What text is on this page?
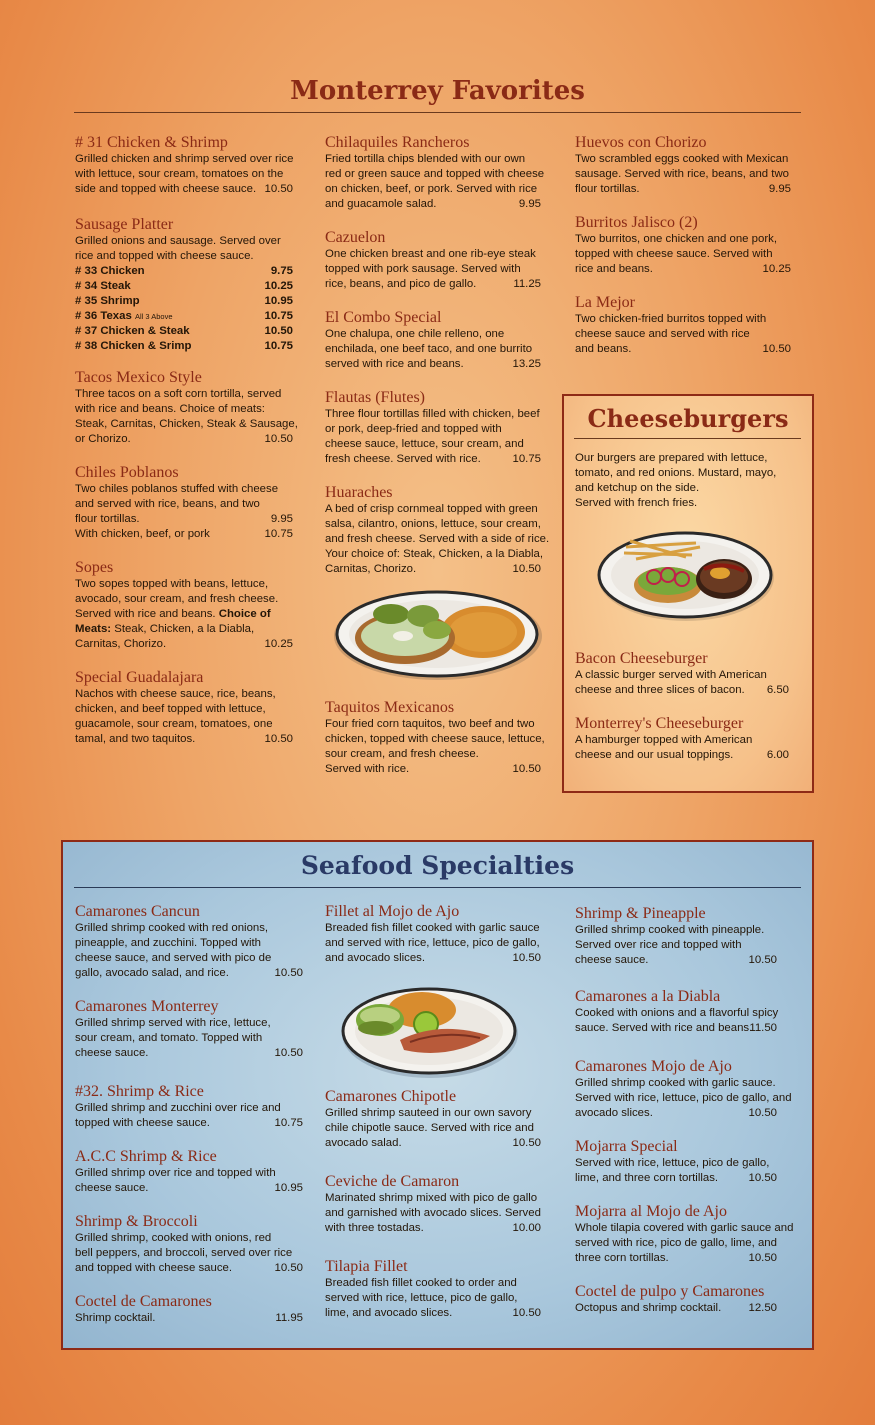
Monterrey Favorites
Cheeseburgers
Our burgers are prepared with lettuce,
tomato, and red onions. Mustard, mayo,
and ketchup on the side.
Served with french fries.
Seafood Specialties
# 31 Chicken & Shrimp
Grilled chicken and shrimp served over rice
with lettuce, sour cream, tomatoes on the
side and topped with cheese sauce. 10.50
Sausage Platter
Grilled onions and sausage. Served over
rice and topped with cheese sauce.
# 33 Chicken	9.75
# 34 Steak	10.25
# 35 Shrimp	10.95
# 36 Texas All 3 Above	10.75
# 37 Chicken & Steak	10.50
# 38 Chicken & Srimp	10.75
Tacos Mexico Style
Three tacos on a soft corn tortilla, served
with rice and beans. Choice of meats:
Steak, Carnitas, Chicken, Steak & Sausage,
or Chorizo.	10.50
Chiles Poblanos
Two chiles poblanos stuffed with cheese
and served with rice, beans, and two
flour tortillas.	9.95
With chicken, beef, or pork	10.75
Sopes
Two sopes topped with beans, lettuce,
avocado, sour cream, and fresh cheese.
Served with rice and beans. Choice of
Meats: Steak, Chicken, a la Diabla,
Carnitas, Chorizo.	10.25
Special Guadalajara
Nachos with cheese sauce, rice, beans,
chicken, and beef topped with lettuce,
guacamole, sour cream, tomatoes, one
tamal, and two taquitos.	10.50
Chilaquiles Rancheros
Fried tortilla chips blended with our own
red or green sauce and topped with cheese
on chicken, beef, or pork. Served with rice
and guacamole salad.	9.95
Cazuelon
One chicken breast and one rib-eye steak
topped with pork sausage. Served with
rice, beans, and pico de gallo.	11.25
El Combo Special
One chalupa, one chile relleno, one
enchilada, one beef taco, and one burrito
served with rice and beans.	13.25
Flautas (Flutes)
Three flour tortillas filled with chicken, beef
or pork, deep-fried and topped with
cheese sauce, lettuce, sour cream, and
fresh cheese. Served with rice.	10.75
Huaraches
A bed of crisp cornmeal topped with green
salsa, cilantro, onions, lettuce, sour cream,
and fresh cheese. Served with a side of rice.
Your choice of: Steak, Chicken, a la Diabla,
Carnitas, Chorizo.	10.50
Taquitos Mexicanos
Four fried corn taquitos, two beef and two
chicken, topped with cheese sauce, lettuce,
sour cream, and fresh cheese.
Served with rice.	10.50
Huevos con Chorizo
Two scrambled eggs cooked with Mexican
sausage. Served with rice, beans, and two
flour tortillas.	9.95
Burritos Jalisco (2)
Two burritos, one chicken and one pork,
topped with cheese sauce. Served with
rice and beans.	10.25
La Mejor
Two chicken-fried burritos topped with
cheese sauce and served with rice
and beans.	10.50
Bacon Cheeseburger
A classic burger served with American
cheese and three slices of bacon. 6.50
Monterrey's Cheeseburger
A hamburger topped with American
cheese and our usual toppings.	6.00
Camarones Cancun
Grilled shrimp cooked with red onions,
pineapple, and zucchini. Topped with
cheese sauce, and served with pico de
gallo, avocado salad, and rice.	10.50
Camarones Monterrey
Grilled shrimp served with rice, lettuce,
sour cream, and tomato. Topped with
cheese sauce.	10.50
#32. Shrimp & Rice
Grilled shrimp and zucchini over rice and
topped with cheese sauce.	10.75
A.C.C Shrimp & Rice
Grilled shrimp over rice and topped with
cheese sauce.	10.95
Shrimp & Broccoli
Grilled shrimp, cooked with onions, red
bell peppers, and broccoli, served over rice
and topped with cheese sauce.	10.50
Coctel de Camarones
Shrimp cocktail.	11.95
Fillet al Mojo de Ajo
Breaded fish fillet cooked with garlic sauce
and served with rice, lettuce, pico de gallo,
and avocado slices.	10.50
Camarones Chipotle
Grilled shrimp sauteed in our own savory
chile chipotle sauce. Served with rice and
avocado salad.	10.50
Ceviche de Camaron
Marinated shrimp mixed with pico de gallo
and garnished with avocado slices. Served
with three tostadas.	10.00
Tilapia Fillet
Breaded fish fillet cooked to order and
served with rice, lettuce, pico de gallo,
lime, and avocado slices.	10.50
Shrimp & Pineapple
Grilled shrimp cooked with pineapple.
Served over rice and topped with
cheese sauce.	10.50
Camarones a la Diabla
Cooked with onions and a flavorful spicy
sauce. Served with rice and beans.
11.50
Camarones Mojo de Ajo
Grilled shrimp cooked with garlic sauce.
Served with rice, lettuce, pico de gallo, and
avocado slices.	10.50
Mojarra Special
Served with rice, lettuce, pico de gallo,
lime, and three corn tortillas.	10.50
Mojarra al Mojo de Ajo
Whole tilapia covered with garlic sauce and
served with rice, pico de gallo, lime, and
three corn tortillas.	10.50
Coctel de pulpo y Camarones
Octopus and shrimp cocktail. 12.50
